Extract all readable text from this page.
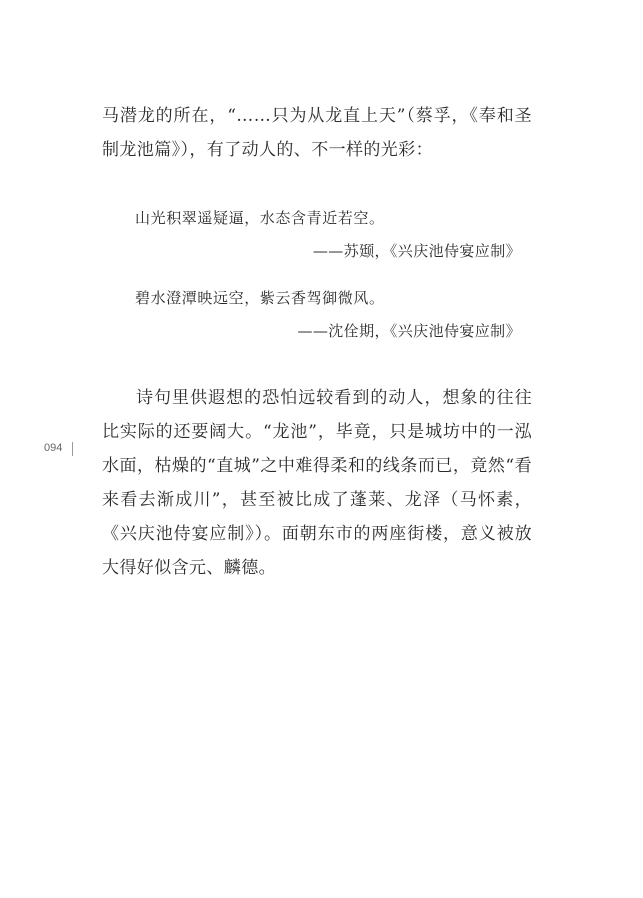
马潜龙的所在，“……只为从龙直上天”（蔡孚，《奉和圣制龙池篇》），有了动人的、不一样的光彩：

山光积翠遥疑逼，水态含青近若空。

——苏颋，《兴庆池侍宴应制》

碧水澄潭映远空，紫云香驾御微风。

——沈佺期，《兴庆池侍宴应制》

诗句里供遐想的恐怕远较看到的动人，想象的往往比实际的还要阔大。“龙池”，毕竟，只是城坊中的一泓水面，枯燥的“直城”之中难得柔和的线条而已，竟然“看来看去渐成川”，甚至被比成了蓬莱、龙泽（马怀素，《兴庆池侍宴应制》）。面朝东市的两座街楼，意义被放大得好似含元、麟德。

094
